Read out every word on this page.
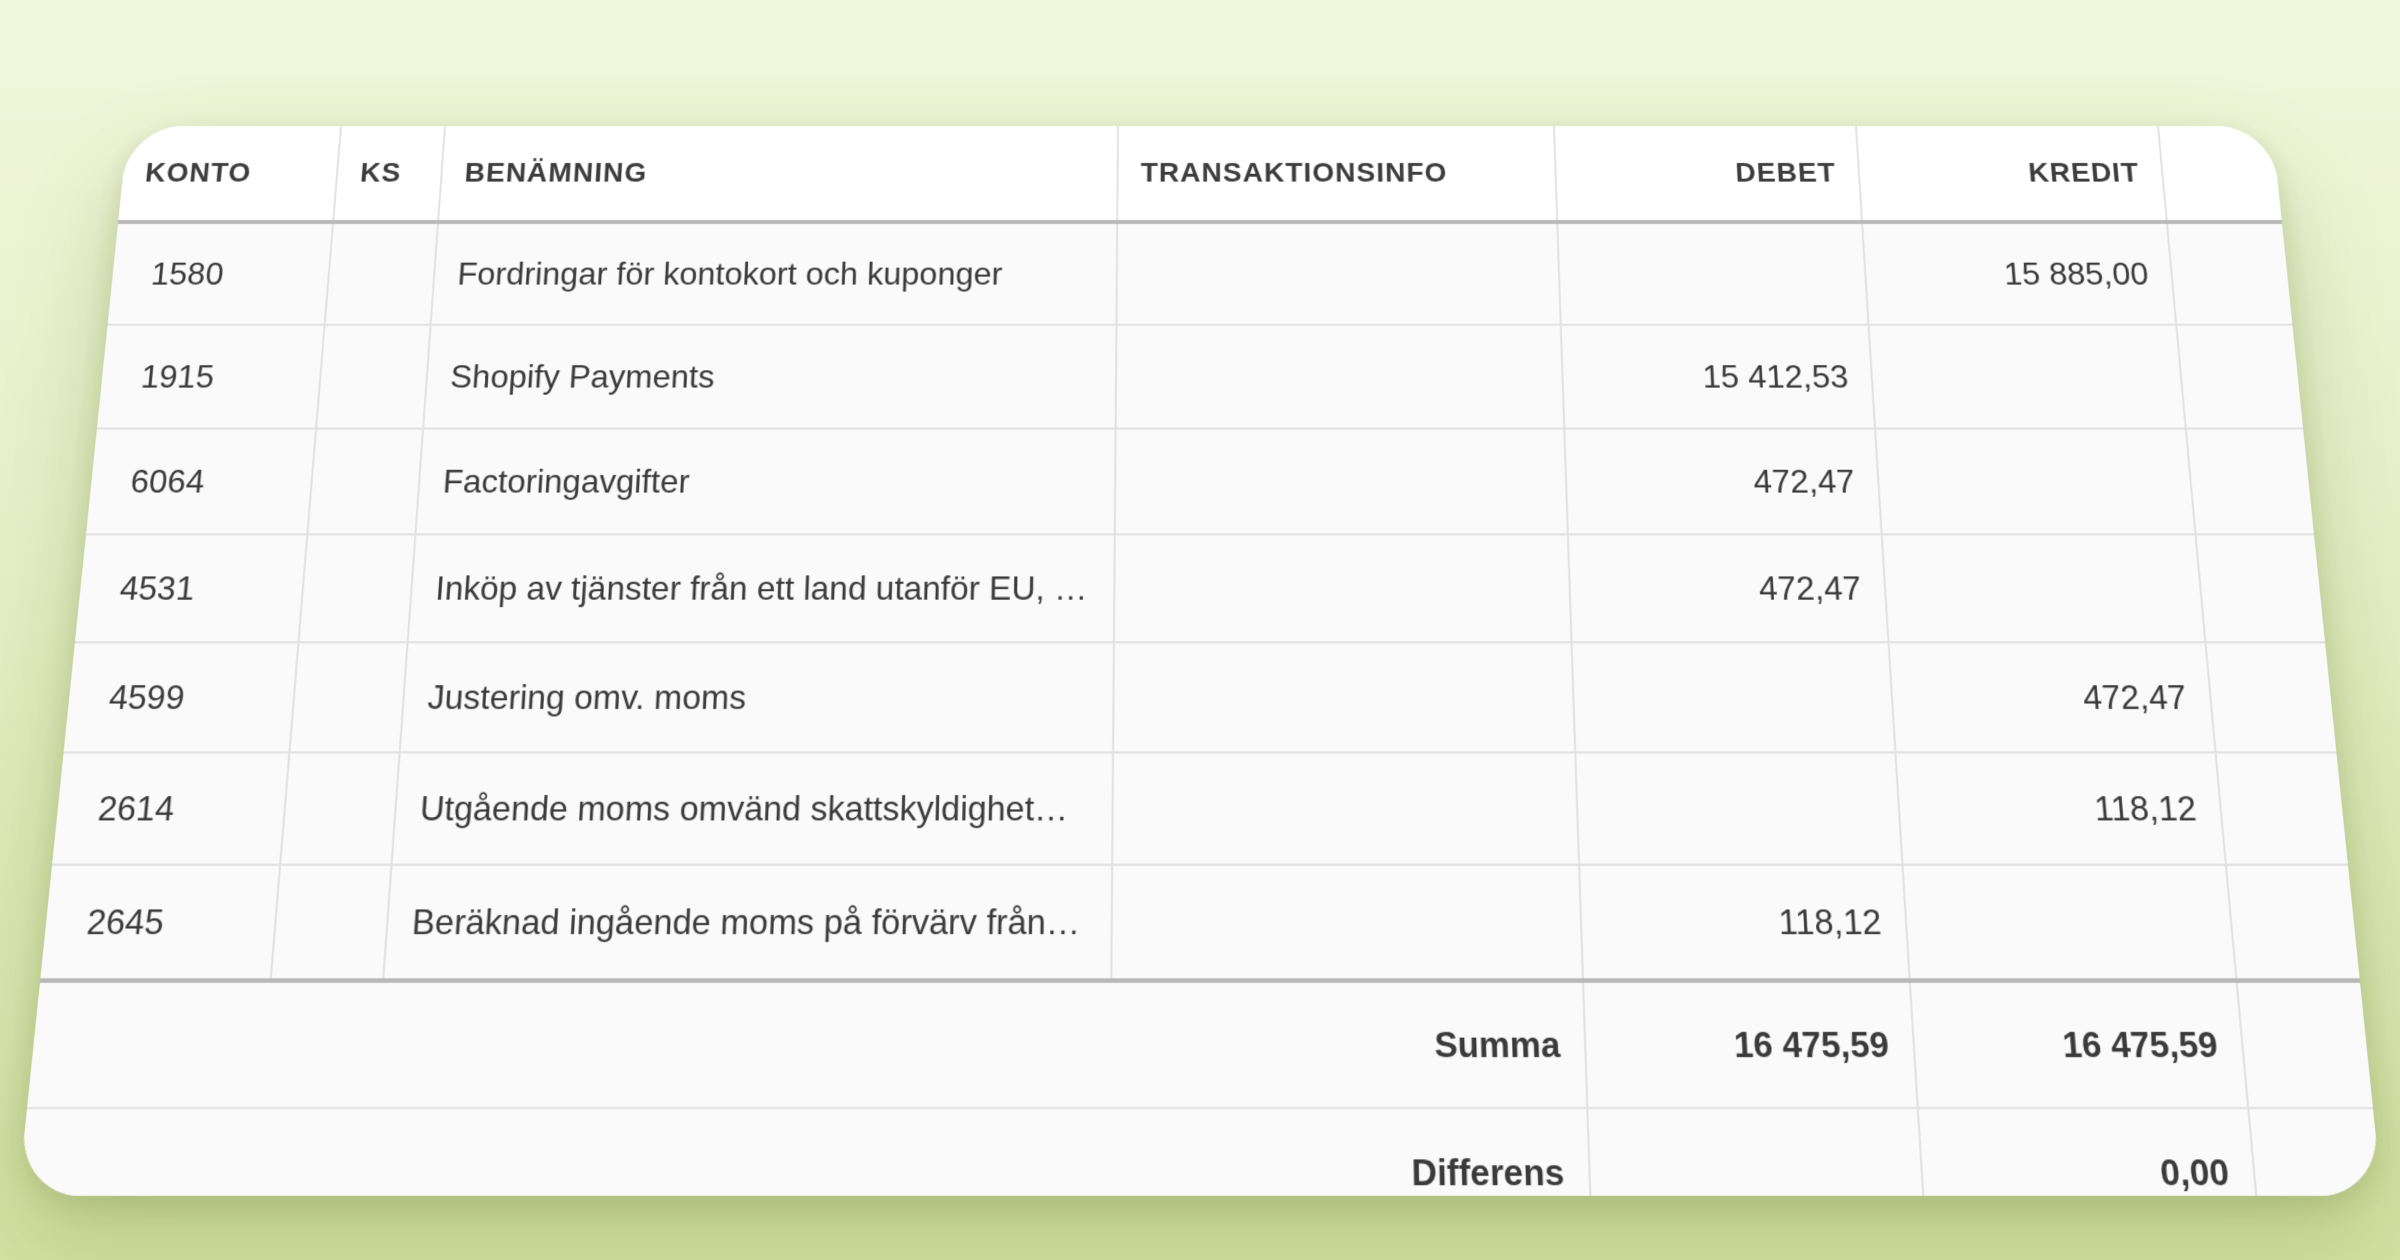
KONTO	KS	BENÄMNING	TRANSAKTIONSINFO	DEBET	KREDIT	
1580		Fordringar för kontokort och kuponger			15 885,00	
1915		Shopify Payments		15 412,53		
6064		Factoringavgifter		472,47		
4531		Inköp av tjänster från ett land utanför EU, …		472,47		
4599		Justering omv. moms			472,47	
2614		Utgående moms omvänd skattskyldighet…			118,12	
2645		Beräknad ingående moms på förvärv från…		118,12		
Summa				16 475,59	16 475,59	
Differens					0,00	
